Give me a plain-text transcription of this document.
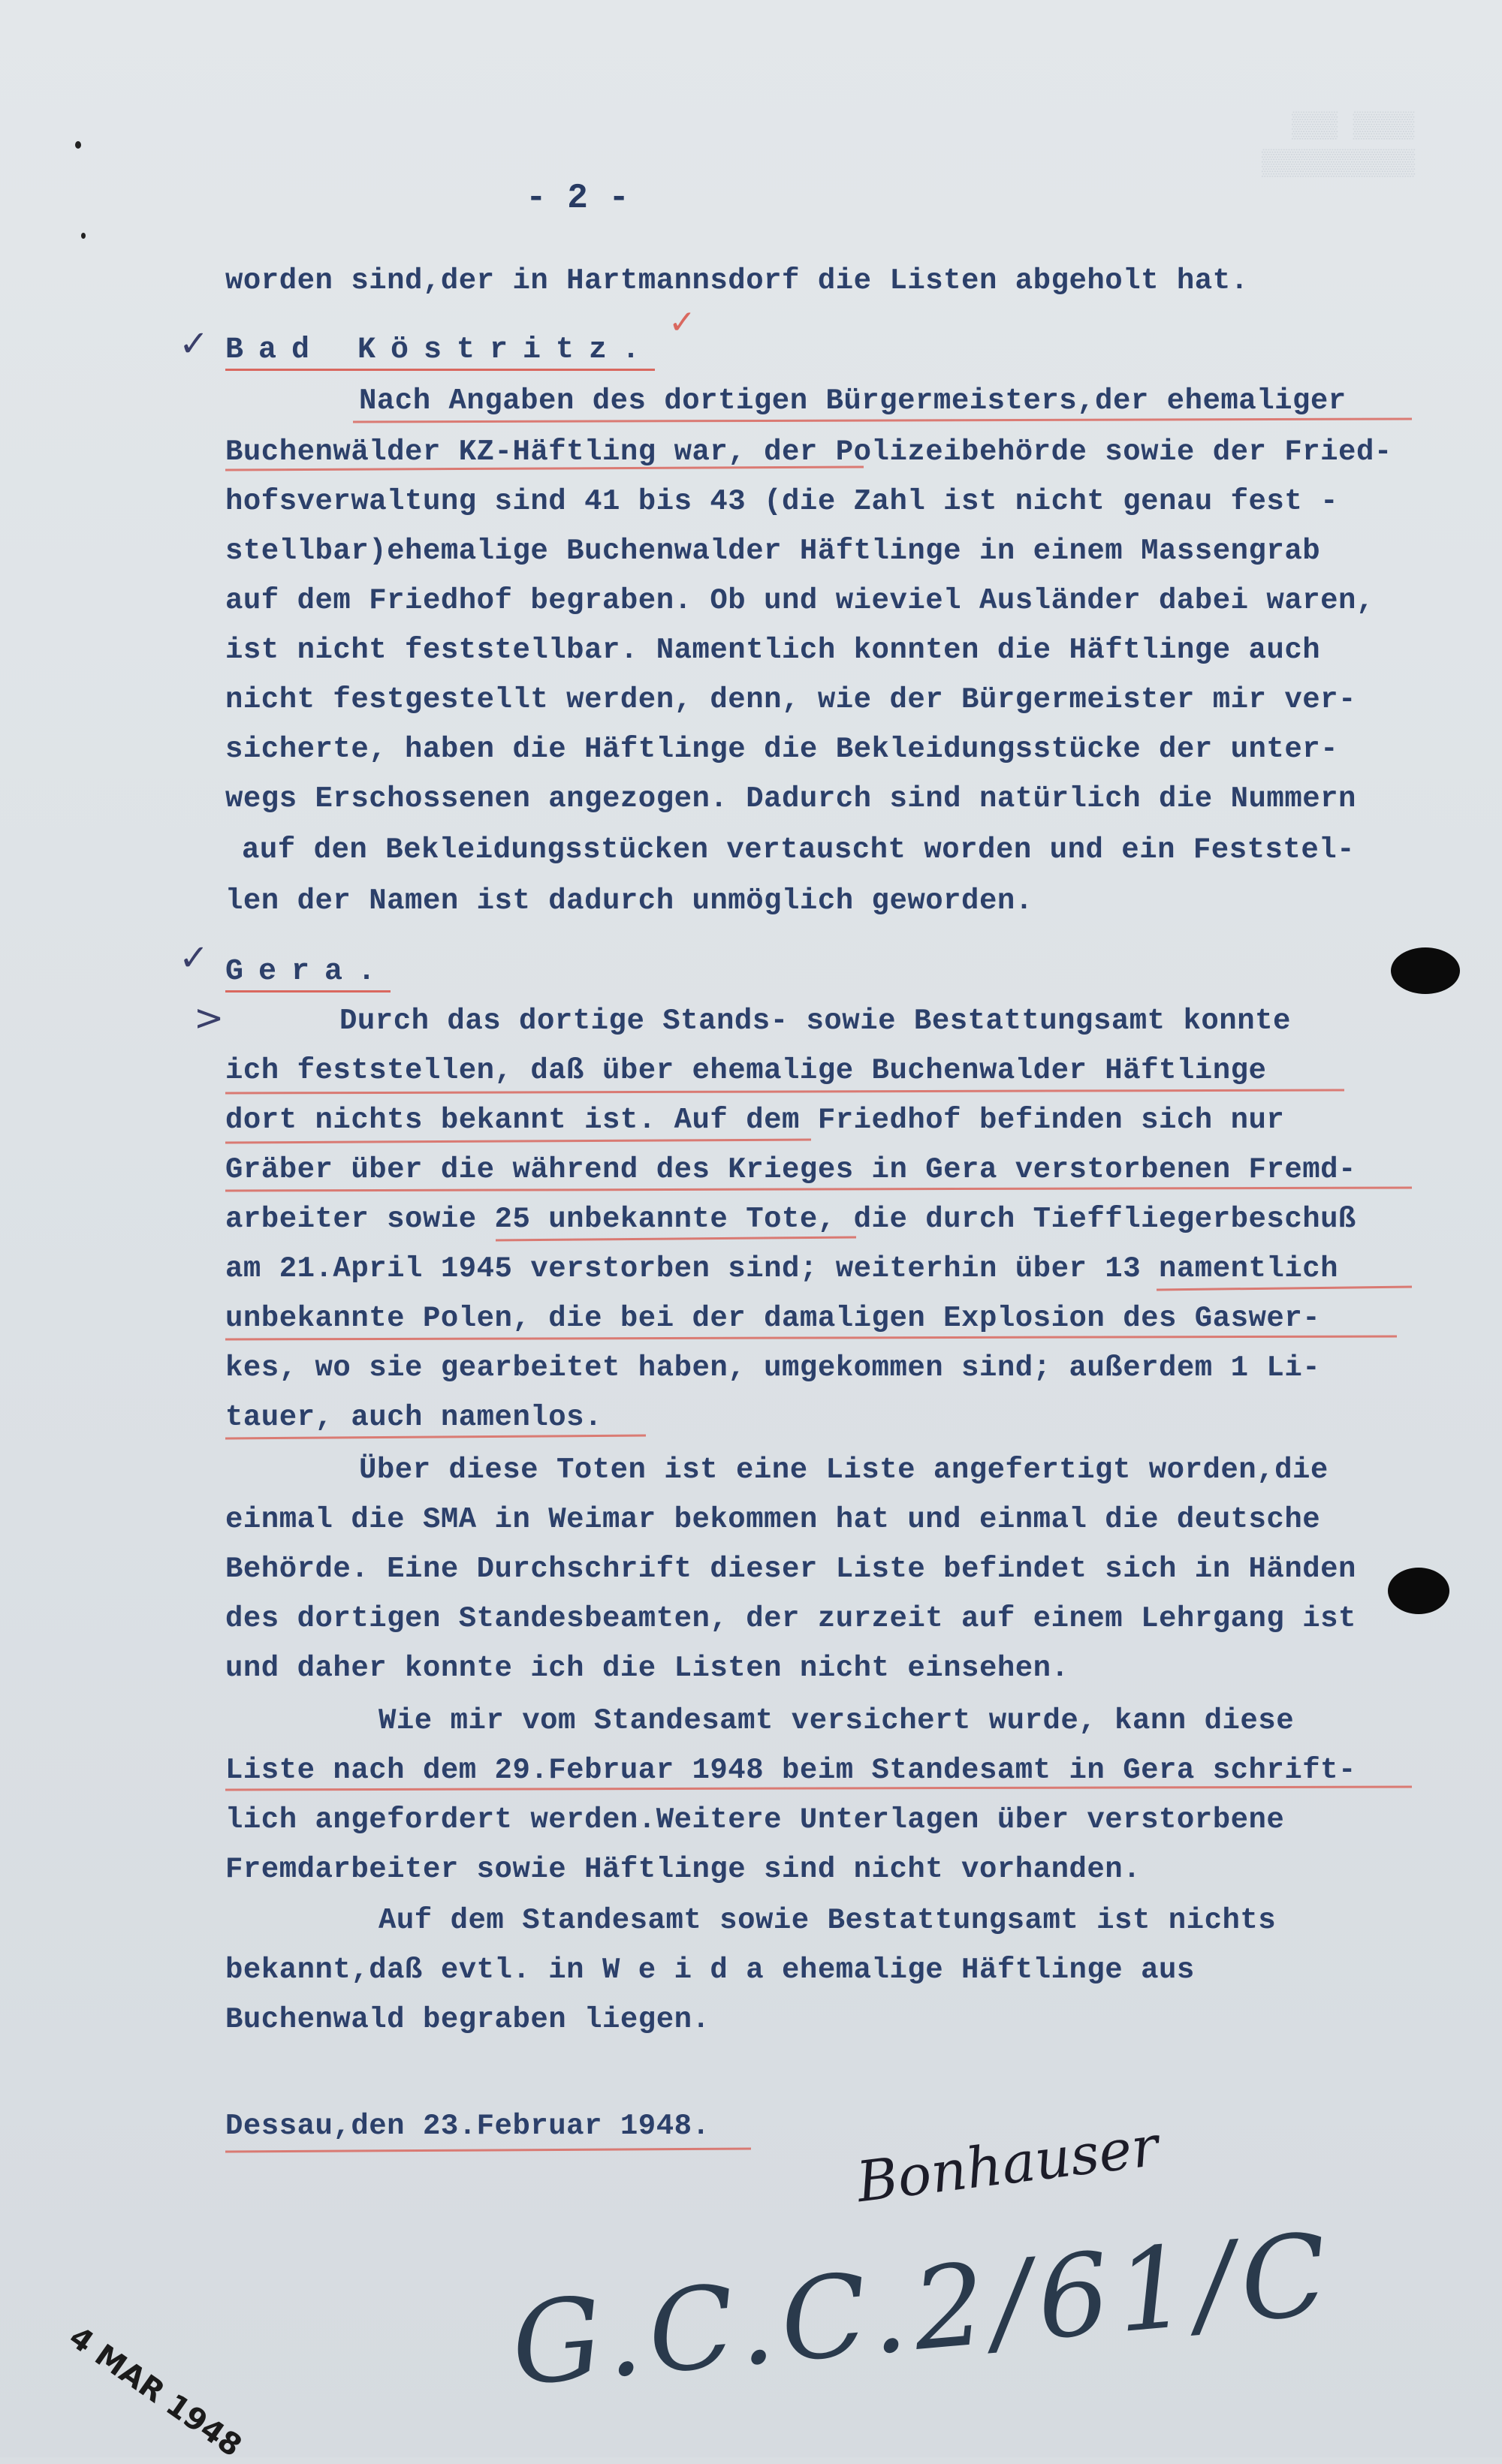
▒▒▒ ▒▒▒▒
▒▒▒▒▒▒▒▒▒▒
- 2 -
worden sind,der in Hartmannsdorf die Listen abgeholt hat.
✓ Bad Köstritz.
✓
Nach Angaben des dortigen Bürgermeisters,der ehemaliger
Buchenwälder KZ-Häftling war, der Polizeibehörde sowie der Fried-
hofsverwaltung sind 41 bis 43 (die Zahl ist nicht genau fest -
stellbar)ehemalige Buchenwalder Häftlinge in einem Massengrab
auf dem Friedhof begraben. Ob und wieviel Ausländer dabei waren,
ist nicht feststellbar. Namentlich konnten die Häftlinge auch
nicht festgestellt werden, denn, wie der Bürgermeister mir ver-
sicherte, haben die Häftlinge die Bekleidungsstücke der unter-
wegs Erschossenen angezogen. Dadurch sind natürlich die Nummern
auf den Bekleidungsstücken vertauscht worden und ein Feststel-
len der Namen ist dadurch unmöglich geworden.
✓ Gera.
>	Durch das dortige Stands- sowie Bestattungsamt konnte
ich feststellen, daß über ehemalige Buchenwalder Häftlinge
dort nichts bekannt ist. Auf dem Friedhof befinden sich nur
Gräber über die während des Krieges in Gera verstorbenen Fremd-
arbeiter sowie 25 unbekannte Tote, die durch Tieffliegerbeschuß
am 21.April 1945 verstorben sind; weiterhin über 13 namentlich
unbekannte Polen, die bei der damaligen Explosion des Gaswer-
kes, wo sie gearbeitet haben, umgekommen sind; außerdem 1 Li-
tauer, auch namenlos.
Über diese Toten ist eine Liste angefertigt worden,die
einmal die SMA in Weimar bekommen hat und einmal die deutsche
Behörde. Eine Durchschrift dieser Liste befindet sich in Händen
des dortigen Standesbeamten, der zurzeit auf einem Lehrgang ist
und daher konnte ich die Listen nicht einsehen.
Wie mir vom Standesamt versichert wurde, kann diese
Liste nach dem 29.Februar 1948 beim Standesamt in Gera schrift-
lich angefordert werden.Weitere Unterlagen über verstorbene
Fremdarbeiter sowie Häftlinge sind nicht vorhanden.
Auf dem Standesamt sowie Bestattungsamt ist nichts
bekannt,daß evtl. in W e i d a ehemalige Häftlinge aus
Buchenwald begraben liegen.
Dessau,den 23.Februar 1948.	Bonhauser
G.C.C.2/61/C
4 MAR 1948
